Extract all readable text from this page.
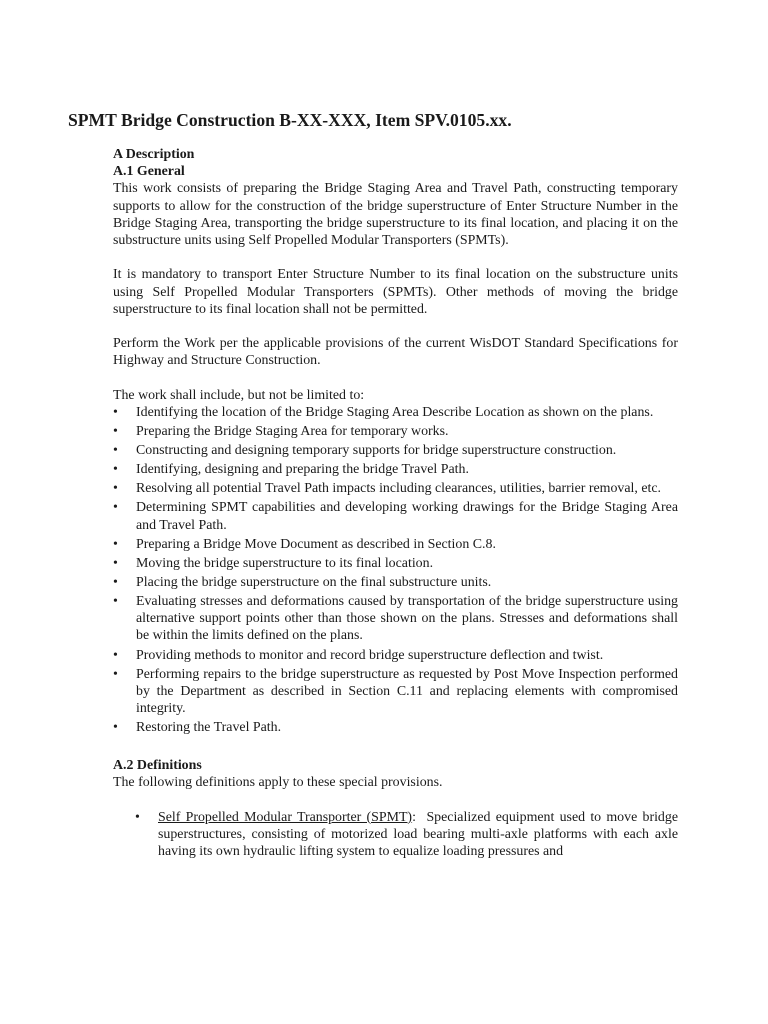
SPMT Bridge Construction B-XX-XXX, Item SPV.0105.xx.

A Description

A.1 General

This work consists of preparing the Bridge Staging Area and Travel Path, constructing temporary supports to allow for the construction of the bridge superstructure of Enter Structure Number in the Bridge Staging Area, transporting the bridge superstructure to its final location, and placing it on the substructure units using Self Propelled Modular Transporters (SPMTs).

It is mandatory to transport Enter Structure Number to its final location on the substructure units using Self Propelled Modular Transporters (SPMTs). Other methods of moving the bridge superstructure to its final location shall not be permitted.

Perform the Work per the applicable provisions of the current WisDOT Standard Specifications for Highway and Structure Construction.

The work shall include, but not be limited to:

• Identifying the location of the Bridge Staging Area Describe Location as shown on the plans.
• Preparing the Bridge Staging Area for temporary works.
• Constructing and designing temporary supports for bridge superstructure construction.
• Identifying, designing and preparing the bridge Travel Path.
• Resolving all potential Travel Path impacts including clearances, utilities, barrier removal, etc.
• Determining SPMT capabilities and developing working drawings for the Bridge Staging Area and Travel Path.
• Preparing a Bridge Move Document as described in Section C.8.
• Moving the bridge superstructure to its final location.
• Placing the bridge superstructure on the final substructure units.
• Evaluating stresses and deformations caused by transportation of the bridge superstructure using alternative support points other than those shown on the plans. Stresses and deformations shall be within the limits defined on the plans.
• Providing methods to monitor and record bridge superstructure deflection and twist.
• Performing repairs to the bridge superstructure as requested by Post Move Inspection performed by the Department as described in Section C.11 and replacing elements with compromised integrity.
• Restoring the Travel Path.

A.2 Definitions

The following definitions apply to these special provisions.

• Self Propelled Modular Transporter (SPMT): Specialized equipment used to move bridge superstructures, consisting of motorized load bearing multi-axle platforms with each axle having its own hydraulic lifting system to equalize loading pressures and
